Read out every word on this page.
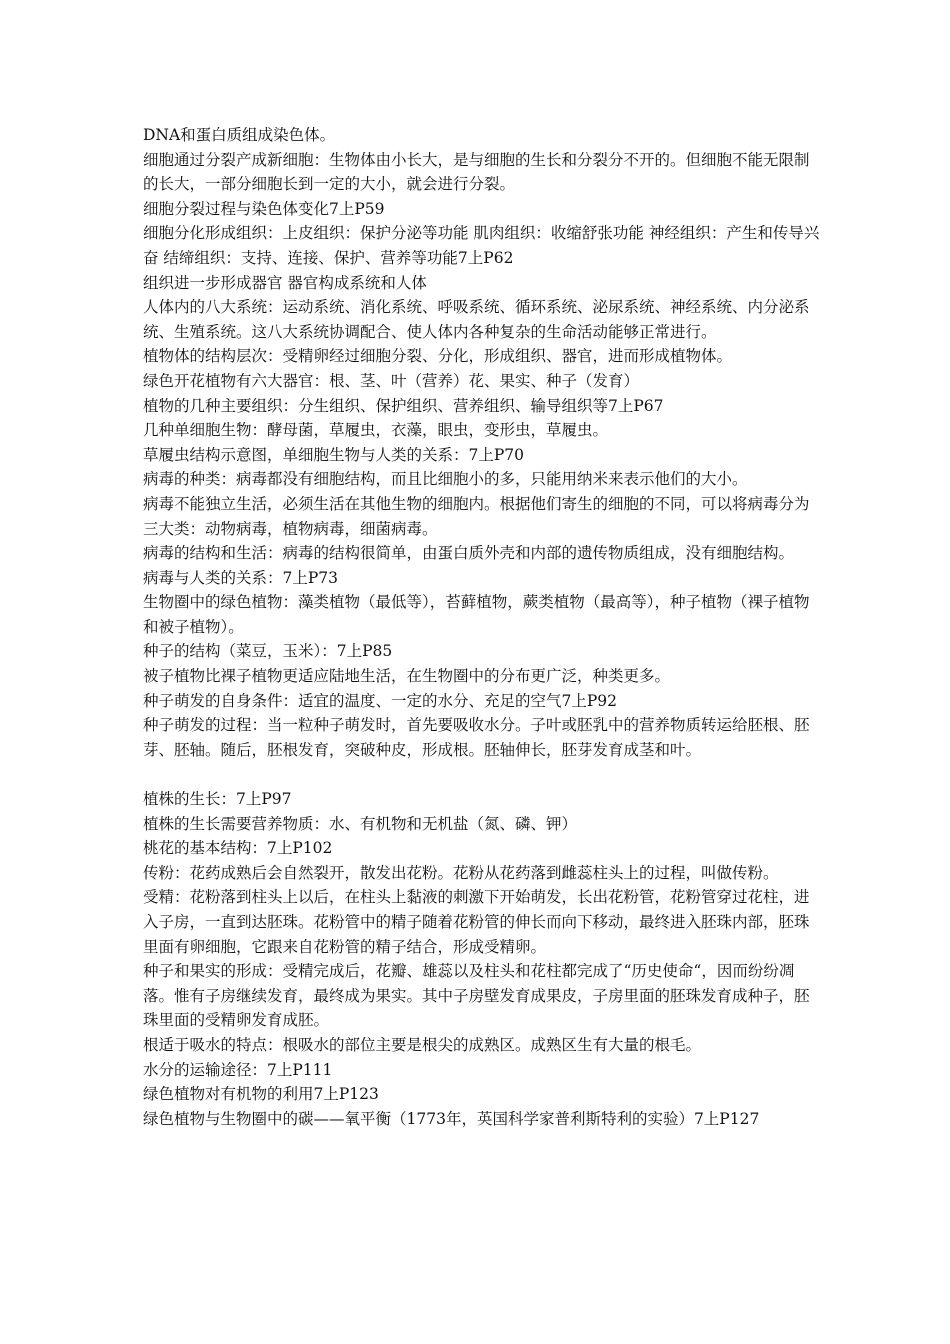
DNA和蛋白质组成染色体。

细胞通过分裂产成新细胞：生物体由小长大，是与细胞的生长和分裂分不开的。但细胞不能无限制的长大，一部分细胞长到一定的大小，就会进行分裂。

细胞分裂过程与染色体变化7上P59

细胞分化形成组织：上皮组织：保护分泌等功能 肌肉组织：收缩舒张功能 神经组织：产生和传导兴奋 结缔组织：支持、连接、保护、营养等功能7上P62

组织进一步形成器官 器官构成系统和人体

人体内的八大系统：运动系统、消化系统、呼吸系统、循环系统、泌尿系统、神经系统、内分泌系统、生殖系统。这八大系统协调配合、使人体内各种复杂的生命活动能够正常进行。

植物体的结构层次：受精卵经过细胞分裂、分化，形成组织、器官，进而形成植物体。

绿色开花植物有六大器官：根、茎、叶（营养）花、果实、种子（发育）

植物的几种主要组织：分生组织、保护组织、营养组织、输导组织等7上P67

几种单细胞生物：酵母菌，草履虫，衣藻，眼虫，变形虫，草履虫。

草履虫结构示意图，单细胞生物与人类的关系：7上P70

病毒的种类：病毒都没有细胞结构，而且比细胞小的多，只能用纳米来表示他们的大小。

病毒不能独立生活，必须生活在其他生物的细胞内。根据他们寄生的细胞的不同，可以将病毒分为三大类：动物病毒，植物病毒，细菌病毒。

病毒的结构和生活：病毒的结构很简单，由蛋白质外壳和内部的遗传物质组成，没有细胞结构。

病毒与人类的关系：7上P73

生物圈中的绿色植物：藻类植物（最低等），苔藓植物，蕨类植物（最高等），种子植物（裸子植物和被子植物）。

种子的结构（菜豆，玉米）：7上P85

被子植物比裸子植物更适应陆地生活，在生物圈中的分布更广泛，种类更多。

种子萌发的自身条件：适宜的温度、一定的水分、充足的空气7上P92

种子萌发的过程：当一粒种子萌发时，首先要吸收水分。子叶或胚乳中的营养物质转运给胚根、胚芽、胚轴。随后，胚根发育，突破种皮，形成根。胚轴伸长，胚芽发育成茎和叶。

植株的生长：7上P97

植株的生长需要营养物质：水、有机物和无机盐（氮、磷、钾）

桃花的基本结构：7上P102

传粉：花药成熟后会自然裂开，散发出花粉。花粉从花药落到雌蕊柱头上的过程，叫做传粉。

受精：花粉落到柱头上以后，在柱头上黏液的刺激下开始萌发，长出花粉管，花粉管穿过花柱，进入子房，一直到达胚珠。花粉管中的精子随着花粉管的伸长而向下移动，最终进入胚珠内部，胚珠里面有卵细胞，它跟来自花粉管的精子结合，形成受精卵。

种子和果实的形成：受精完成后，花瓣、雄蕊以及柱头和花柱都完成了“历史使命“，因而纷纷凋落。惟有子房继续发育，最终成为果实。其中子房壁发育成果皮，子房里面的胚珠发育成种子，胚珠里面的受精卵发育成胚。

根适于吸水的特点：根吸水的部位主要是根尖的成熟区。成熟区生有大量的根毛。

水分的运输途径：7上P111

绿色植物对有机物的利用7上P123

绿色植物与生物圈中的碳——氧平衡（1773年，英国科学家普利斯特利的实验）7上P127
